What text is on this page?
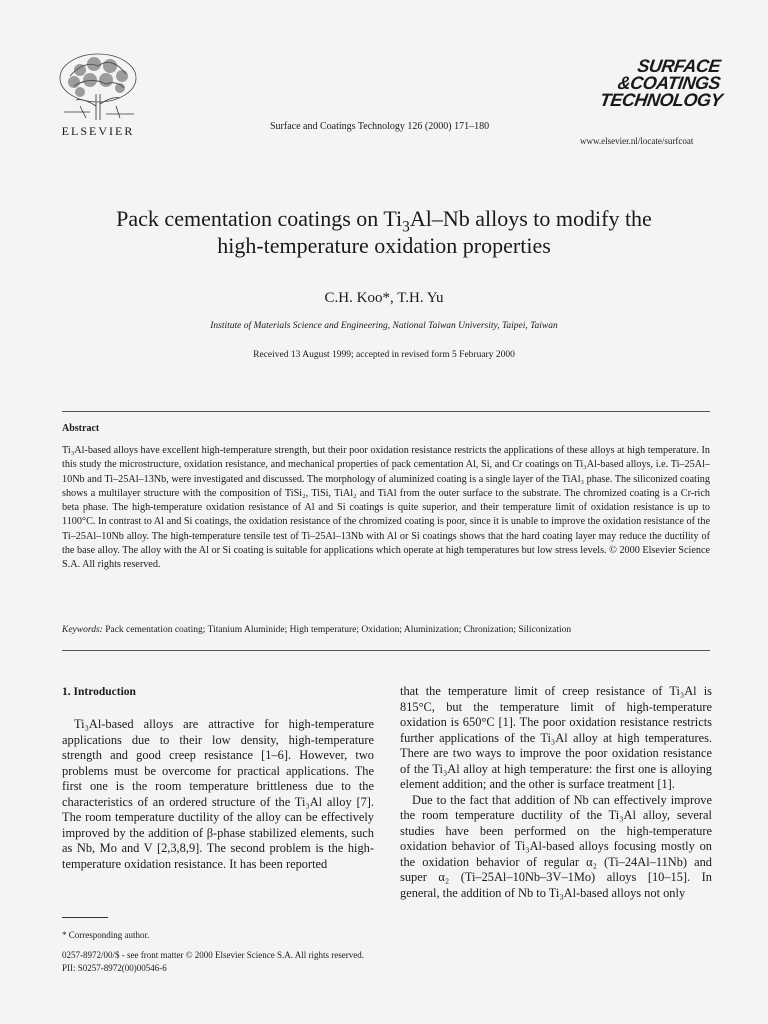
ELSEVIER	Surface and Coatings Technology 126 (2000) 171–180
SURFACE
&COATINGS
TECHNOLOGY
www.elsevier.nl/locate/surfcoat
Pack cementation coatings on $Ti_3Al-Nb$ alloys to modify the
high-temperature oxidation properties
C.H. Koo*, T.H. Yu
Institute of Materials Science and Engineering, National Taiwan University, Taipei, Taiwan
Received 13 August 1999; accepted in revised form 5 February 2000
Abstract
Ti₃Al-based alloys have excellent high-temperature strength, but their poor oxidation resistance restricts the applications of these alloys at high temperature. In this study the microstructure, oxidation resistance, and mechanical properties of pack cementation Al, Si, and Cr coatings on Ti₃Al-based alloys, i.e. Ti–25Al–10Nb and Ti–25Al–13Nb, were investigated and discussed. The morphology of aluminized coating is a single layer of the TiAl₃ phase. The siliconized coating shows a multilayer structure with the composition of TiSi₂, TiSi, TiAl₂ and TiAl from the outer surface to the substrate. The chromized coating is a Cr-rich beta phase. The high-temperature oxidation resistance of Al and Si coatings is quite superior, and their temperature limit of oxidation resistance is up to 1100°C. In contrast to Al and Si coatings, the oxidation resistance of the chromized coating is poor, since it is unable to improve the oxidation resistance of the Ti–25Al–10Nb alloy. The high-temperature tensile test of Ti–25Al–13Nb with Al or Si coatings shows that the hard coating layer may reduce the ductility of the base alloy. The alloy with the Al or Si coating is suitable for applications which operate at high temperatures but low stress levels. © 2000 Elsevier Science S.A. All rights reserved.
Keywords: Pack cementation coating; Titanium Aluminide; High temperature; Oxidation; Aluminization; Chronization; Siliconization
1. Introduction

Ti₃Al-based alloys are attractive for high-temperature applications due to their low density, high-temperature strength and good creep resistance [1–6]. However, two problems must be overcome for practical applications. The first one is the room temperature brittleness due to the characteristics of an ordered structure of the Ti₃Al alloy [7]. The room temperature ductility of the alloy can be effectively improved by the addition of β-phase stabilized elements, such as Nb, Mo and V [2,3,8,9]. The second problem is the high-temperature oxidation resistance. It has been reported

that the temperature limit of creep resistance of Ti₃Al is 815°C, but the temperature limit of high-temperature oxidation is 650°C [1]. The poor oxidation resistance restricts further applications of the Ti₃Al alloy at high temperatures. There are two ways to improve the poor oxidation resistance of the Ti₃Al alloy at high temperature: the first one is alloying element addition; and the other is surface treatment [1].

Due to the fact that addition of Nb can effectively improve the room temperature ductility of the Ti₃Al alloy, several studies have been performed on the high-temperature oxidation behavior of Ti₃Al-based alloys focusing mostly on the oxidation behavior of regular α₂ (Ti–24Al–11Nb) and super α₂ (Ti–25Al–10Nb–3V–1Mo) alloys [10–15]. In general, the addition of Nb to Ti₃Al-based alloys not only

* Corresponding author.
0257-8972/00/$ - see front matter © 2000 Elsevier Science S.A. All rights reserved.
PII: S0257-8972(00)00546-6
